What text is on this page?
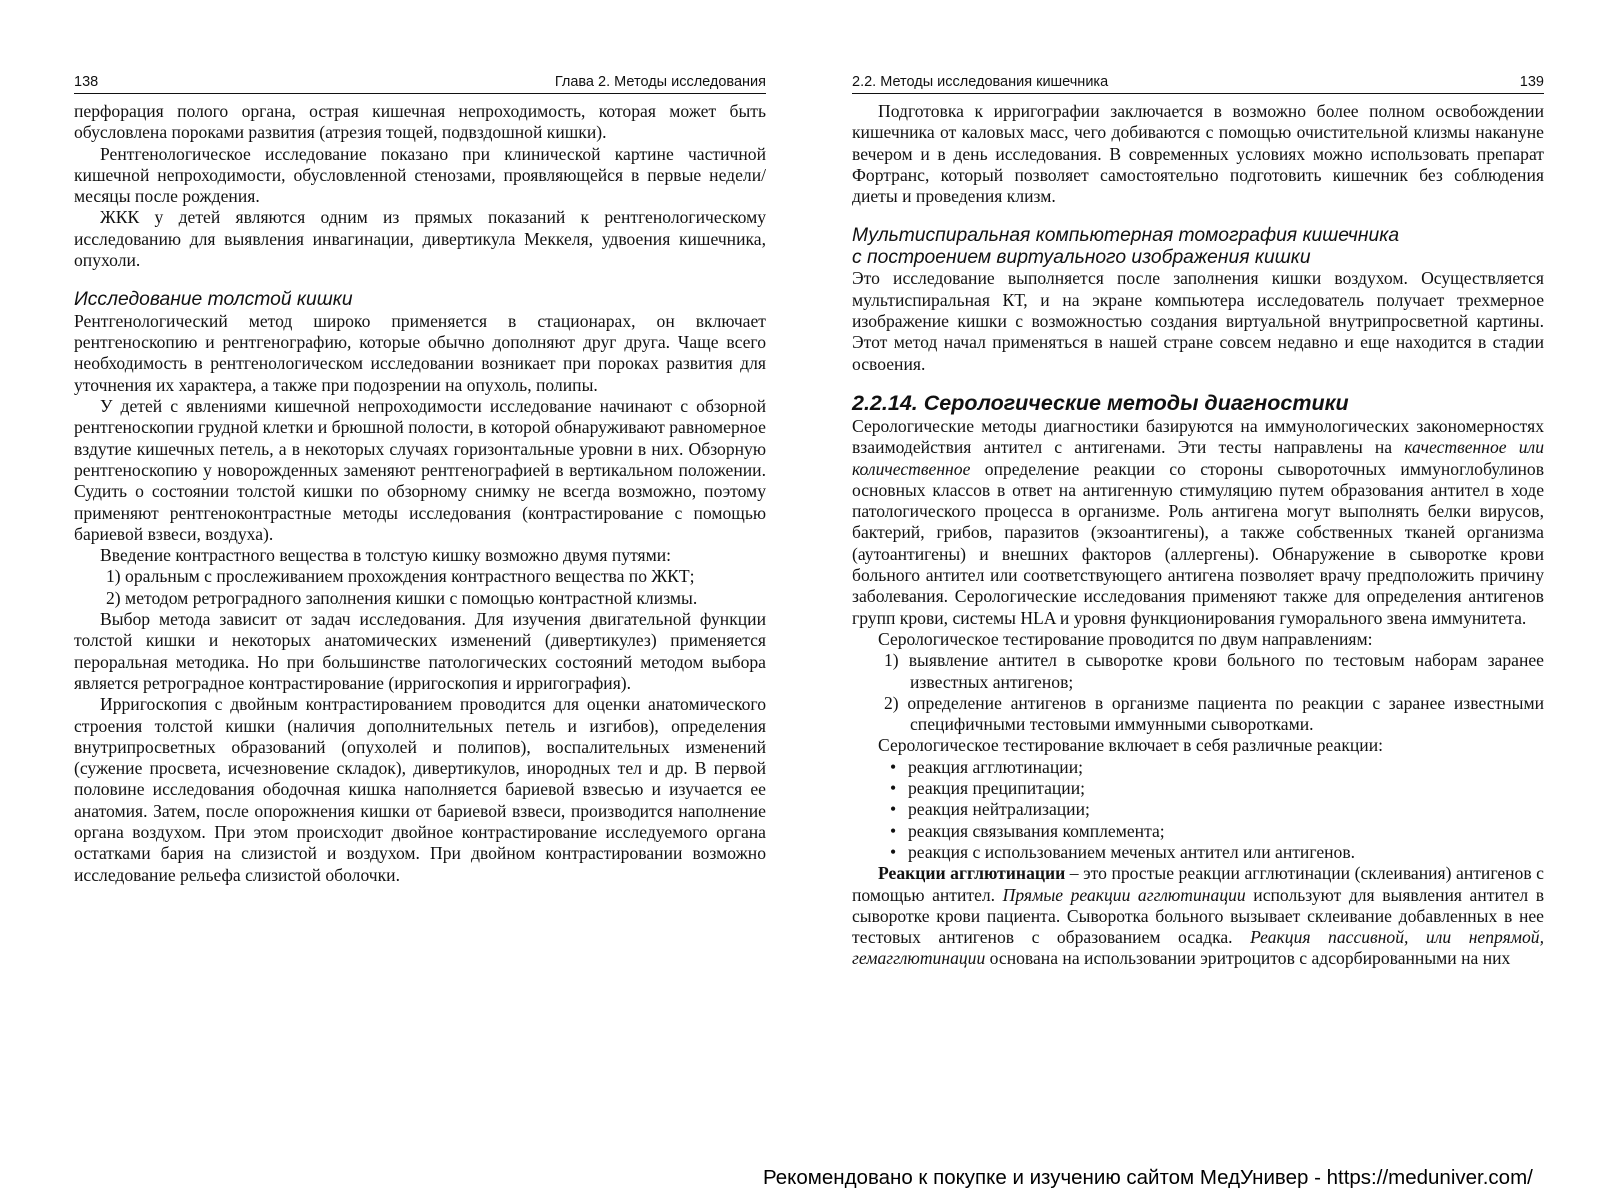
138	Глава 2. Методы исследования

перфорация полого органа, острая кишечная непроходимость, которая может быть обусловлена пороками развития (атрезия тощей, подвздошной кишки).

Рентгенологическое исследование показано при клинической картине частичной кишечной непроходимости, обусловленной стенозами, проявляющейся в первые недели/месяцы после рождения.

ЖКК у детей являются одним из прямых показаний к рентгенологическому исследованию для выявления инвагинации, дивертикула Меккеля, удвоения кишечника, опухоли.

Исследование толстой кишки

Рентгенологический метод широко применяется в стационарах, он включает рентгеноскопию и рентгенографию, которые обычно дополняют друг друга. Чаще всего необходимость в рентгенологическом исследовании возникает при пороках развития для уточнения их характера, а также при подозрении на опухоль, полипы.

У детей с явлениями кишечной непроходимости исследование начинают с обзорной рентгеноскопии грудной клетки и брюшной полости, в которой обнаруживают равномерное вздутие кишечных петель, а в некоторых случаях горизонтальные уровни в них. Обзорную рентгеноскопию у новорожденных заменяют рентгенографией в вертикальном положении. Судить о состоянии толстой кишки по обзорному снимку не всегда возможно, поэтому применяют рентгеноконтрастные методы исследования (контрастирование с помощью бариевой взвеси, воздуха).

Введение контрастного вещества в толстую кишку возможно двумя путями:

1) оральным с прослеживанием прохождения контрастного вещества по ЖКТ;

2) методом ретроградного заполнения кишки с помощью контрастной клизмы.

Выбор метода зависит от задач исследования. Для изучения двигательной функции толстой кишки и некоторых анатомических изменений (дивертикулез) применяется пероральная методика. Но при большинстве патологических состояний методом выбора является ретроградное контрастирование (ирригоскопия и ирригография).

Ирригоскопия с двойным контрастированием проводится для оценки анатомического строения толстой кишки (наличия дополнительных петель и изгибов), определения внутрипросветных образований (опухолей и полипов), воспалительных изменений (сужение просвета, исчезновение складок), дивертикулов, инородных тел и др. В первой половине исследования ободочная кишка наполняется бариевой взвесью и изучается ее анатомия. Затем, после опорожнения кишки от бариевой взвеси, производится наполнение органа воздухом. При этом происходит двойное контрастирование исследуемого органа остатками бария на слизистой и воздухом. При двойном контрастировании возможно исследование рельефа слизистой оболочки.

2.2. Методы исследования кишечника	139

Подготовка к ирригографии заключается в возможно более полном освобождении кишечника от каловых масс, чего добиваются с помощью очистительной клизмы накануне вечером и в день исследования. В современных условиях можно использовать препарат Фортранс, который позволяет самостоятельно подготовить кишечник без соблюдения диеты и проведения клизм.

Мультиспиральная компьютерная томография кишечника
с построением виртуального изображения кишки

Это исследование выполняется после заполнения кишки воздухом. Осуществляется мультиспиральная КТ, и на экране компьютера исследователь получает трехмерное изображение кишки с возможностью создания виртуальной внутрипросветной картины. Этот метод начал применяться в нашей стране совсем недавно и еще находится в стадии освоения.

2.2.14. Серологические методы диагностики

Серологические методы диагностики базируются на иммунологических закономерностях взаимодействия антител с антигенами. Эти тесты направлены на качественное или количественное определение реакции со стороны сывороточных иммуноглобулинов основных классов в ответ на антигенную стимуляцию путем образования антител в ходе патологического процесса в организме. Роль антигена могут выполнять белки вирусов, бактерий, грибов, паразитов (экзоантигены), а также собственных тканей организма (аутоантигены) и внешних факторов (аллергены). Обнаружение в сыворотке крови больного антител или соответствующего антигена позволяет врачу предположить причину заболевания. Серологические исследования применяют также для определения антигенов групп крови, системы HLA и уровня функционирования гуморального звена иммунитета.

Серологическое тестирование проводится по двум направлениям:

1) выявление антител в сыворотке крови больного по тестовым наборам заранее известных антигенов;

2) определение антигенов в организме пациента по реакции с заранее известными специфичными тестовыми иммунными сыворотками.

Серологическое тестирование включает в себя различные реакции:

• реакция агглютинации;

• реакция преципитации;

• реакция нейтрализации;

• реакция связывания комплемента;

• реакция с использованием меченых антител или антигенов.

Реакции агглютинации – это простые реакции агглютинации (склеивания) антигенов с помощью антител. Прямые реакции агглютинации используют для выявления антител в сыворотке крови пациента. Сыворотка больного вызывает склеивание добавленных в нее тестовых антигенов с образованием осадка. Реакция пассивной, или непрямой, гемагглютинации основана на использовании эритроцитов с адсорбированными на них

Рекомендовано к покупке и изучению сайтом МедУнивер - https://meduniver.com/
